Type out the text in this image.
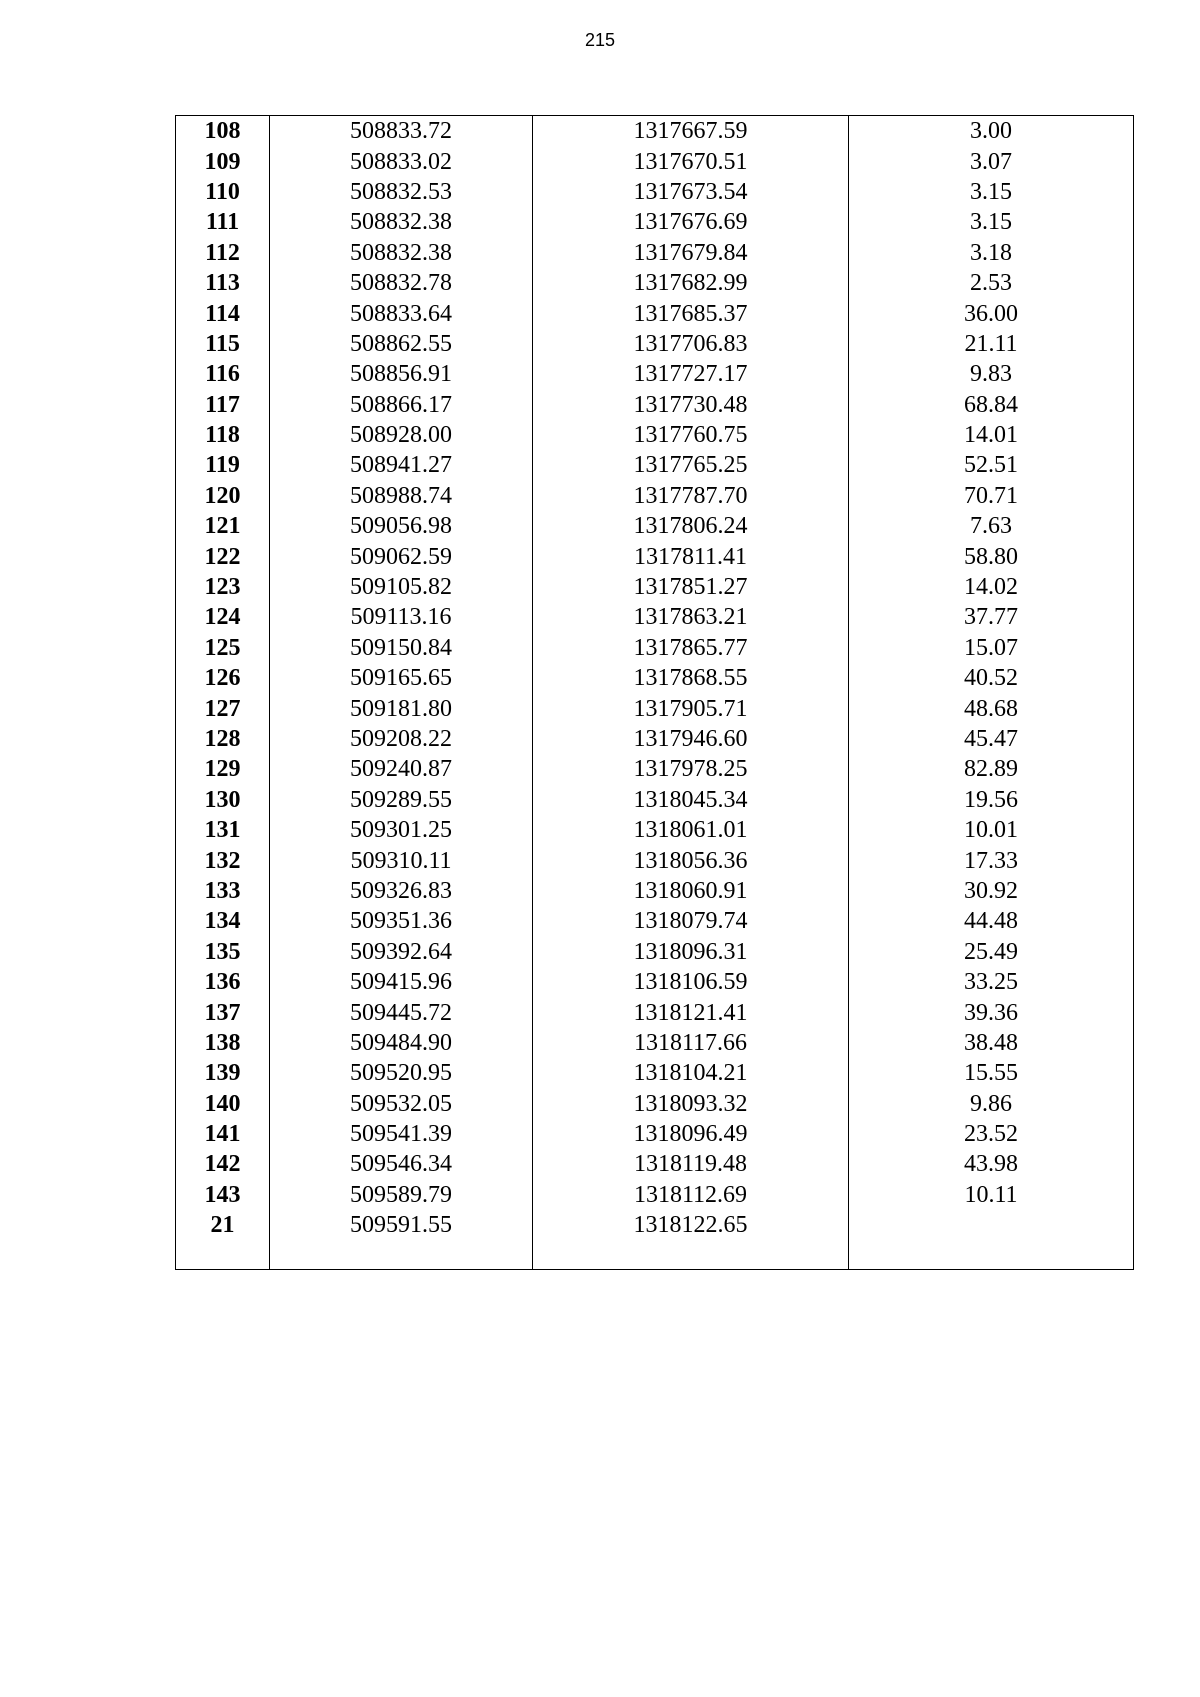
215
108	508833.72	1317667.59	3.00
109	508833.02	1317670.51	3.07
110	508832.53	1317673.54	3.15
111	508832.38	1317676.69	3.15
112	508832.38	1317679.84	3.18
113	508832.78	1317682.99	2.53
114	508833.64	1317685.37	36.00
115	508862.55	1317706.83	21.11
116	508856.91	1317727.17	9.83
117	508866.17	1317730.48	68.84
118	508928.00	1317760.75	14.01
119	508941.27	1317765.25	52.51
120	508988.74	1317787.70	70.71
121	509056.98	1317806.24	7.63
122	509062.59	1317811.41	58.80
123	509105.82	1317851.27	14.02
124	509113.16	1317863.21	37.77
125	509150.84	1317865.77	15.07
126	509165.65	1317868.55	40.52
127	509181.80	1317905.71	48.68
128	509208.22	1317946.60	45.47
129	509240.87	1317978.25	82.89
130	509289.55	1318045.34	19.56
131	509301.25	1318061.01	10.01
132	509310.11	1318056.36	17.33
133	509326.83	1318060.91	30.92
134	509351.36	1318079.74	44.48
135	509392.64	1318096.31	25.49
136	509415.96	1318106.59	33.25
137	509445.72	1318121.41	39.36
138	509484.90	1318117.66	38.48
139	509520.95	1318104.21	15.55
140	509532.05	1318093.32	9.86
141	509541.39	1318096.49	23.52
142	509546.34	1318119.48	43.98
143	509589.79	1318112.69	10.11
21	509591.55	1318122.65	
